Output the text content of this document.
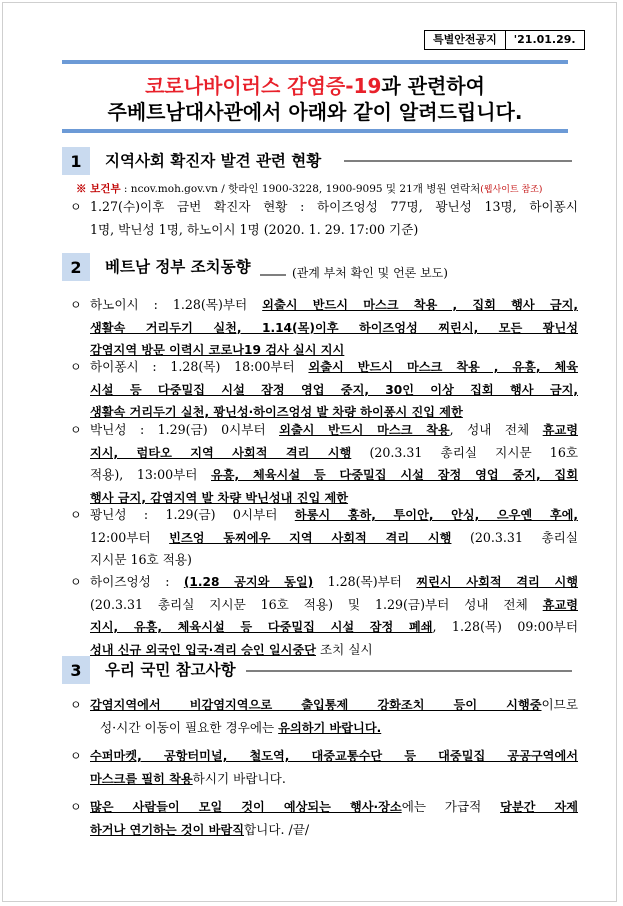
특별안전공지	'21.01.29.
코로나바이러스 감염증-19과 관련하여
주베트남대사관에서 아래와 같이 알려드립니다.
1	지역사회 확진자 발견 관련 현황
※ 보건부 : ncov.moh.gov.vn / 핫라인 1900-3228, 1900-9095 및 21개 병원 연락처(웹사이트 참조)
ㅇ 1.27(수)이후 금번 확진자 현황 : 하이즈엉성 77명, 꽝닌성 13명, 하이퐁시
1명, 박닌성 1명, 하노이시 1명 (2020. 1. 29. 17:00 기준)
2	베트남 정부 조치동향	(관계 부처 확인 및 언론 보도)
ㅇ 하노이시 : 1.28(목)부터 외출시 반드시 마스크 착용 , 집회 행사 금지,
생활속 거리두기 실천, 1.14(목)이후 하이즈엉성 찌린시, 모든 꽝닌성
감염지역 방문 이력시 코로나19 검사 실시 지시
ㅇ 하이퐁시 : 1.28(목) 18:00부터 외출시 반드시 마스크 착용 , 유흥, 체육
시설 등 다중밀집 시설 잠정 영업 중지, 30인 이상 집회 행사 금지,
생활속 거리두기 실천, 꽝닌성·하이즈엉성 발 차량 하이퐁시 진입 제한
ㅇ 박닌성 : 1.29(금) 0시부터 외출시 반드시 마스크 착용, 성내 전체 휴교령
지시, 럼타오 지역 사회적 격리 시행 (20.3.31 총리실 지시문 16호
적용), 13:00부터 유흥, 체육시설 등 다중밀집 시설 잠정 영업 중지, 집회
행사 금지, 감염지역 발 차량 박닌성내 진입 제한
ㅇ 꽝닌성 : 1.29(금) 0시부터 하롱시 홍하, 투이안, 안싱, 으우옌 후에,
12:00부터 빈즈엉 동찌에우 지역 사회적 격리 시행 (20.3.31 총리실
지시문 16호 적용)
ㅇ 하이즈엉성 : (1.28 공지와 동일) 1.28(목)부터 찌린시 사회적 격리 시행
(20.3.31 총리실 지시문 16호 적용) 및 1.29(금)부터 성내 전체 휴교령
지시, 유흥, 체육시설 등 다중밀집 시설 잠정 폐쇄, 1.28(목) 09:00부터
성내 신규 외국인 입국·격리 승인 일시중단 조치 실시
3	우리 국민 참고사항
ㅇ 감염지역에서 비감염지역으로 출입통제 강화조치 등이 시행중이므로
성·시간 이동이 필요한 경우에는 유의하기 바랍니다.
ㅇ 수퍼마켓, 공항터미널, 철도역, 대중교통수단 등 대중밀집 공공구역에서
마스크를 필히 착용하시기 바랍니다.
ㅇ 많은 사람들이 모일 것이 예상되는 행사·장소에는 가급적 당분간 자제
하거나 연기하는 것이 바람직합니다. /끝/
